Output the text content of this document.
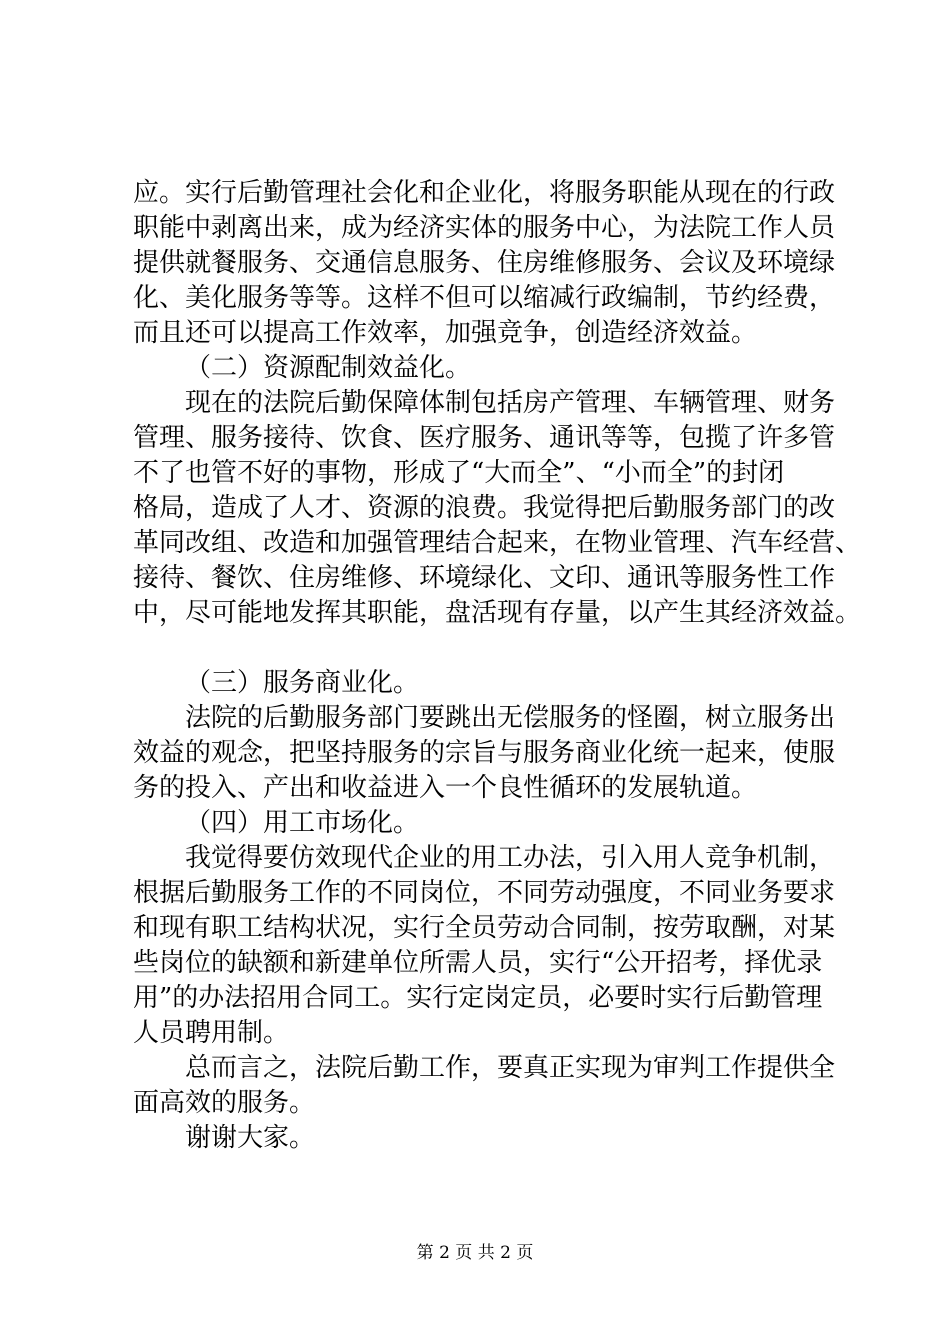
应。实行后勤管理社会化和企业化，将服务职能从现在的行政
职能中剥离出来，成为经济实体的服务中心，为法院工作人员
提供就餐服务、交通信息服务、住房维修服务、会议及环境绿
化、美化服务等等。这样不但可以缩减行政编制，节约经费，
而且还可以提高工作效率，加强竞争，创造经济效益。
（二）资源配制效益化。
现在的法院后勤保障体制包括房产管理、车辆管理、财务
管理、服务接待、饮食、医疗服务、通讯等等，包揽了许多管
不了也管不好的事物，形成了“大而全”、“小而全”的封闭
格局，造成了人才、资源的浪费。我觉得把后勤服务部门的改
革同改组、改造和加强管理结合起来，在物业管理、汽车经营、
接待、餐饮、住房维修、环境绿化、文印、通讯等服务性工作
中，尽可能地发挥其职能，盘活现有存量，以产生其经济效益。
（三）服务商业化。
法院的后勤服务部门要跳出无偿服务的怪圈，树立服务出
效益的观念，把坚持服务的宗旨与服务商业化统一起来，使服
务的投入、产出和收益进入一个良性循环的发展轨道。
（四）用工市场化。
我觉得要仿效现代企业的用工办法，引入用人竞争机制，
根据后勤服务工作的不同岗位，不同劳动强度，不同业务要求
和现有职工结构状况，实行全员劳动合同制，按劳取酬，对某
些岗位的缺额和新建单位所需人员，实行“公开招考，择优录
用”的办法招用合同工。实行定岗定员，必要时实行后勤管理
人员聘用制。
总而言之，法院后勤工作，要真正实现为审判工作提供全
面高效的服务。
谢谢大家。
第 2 页 共 2 页
